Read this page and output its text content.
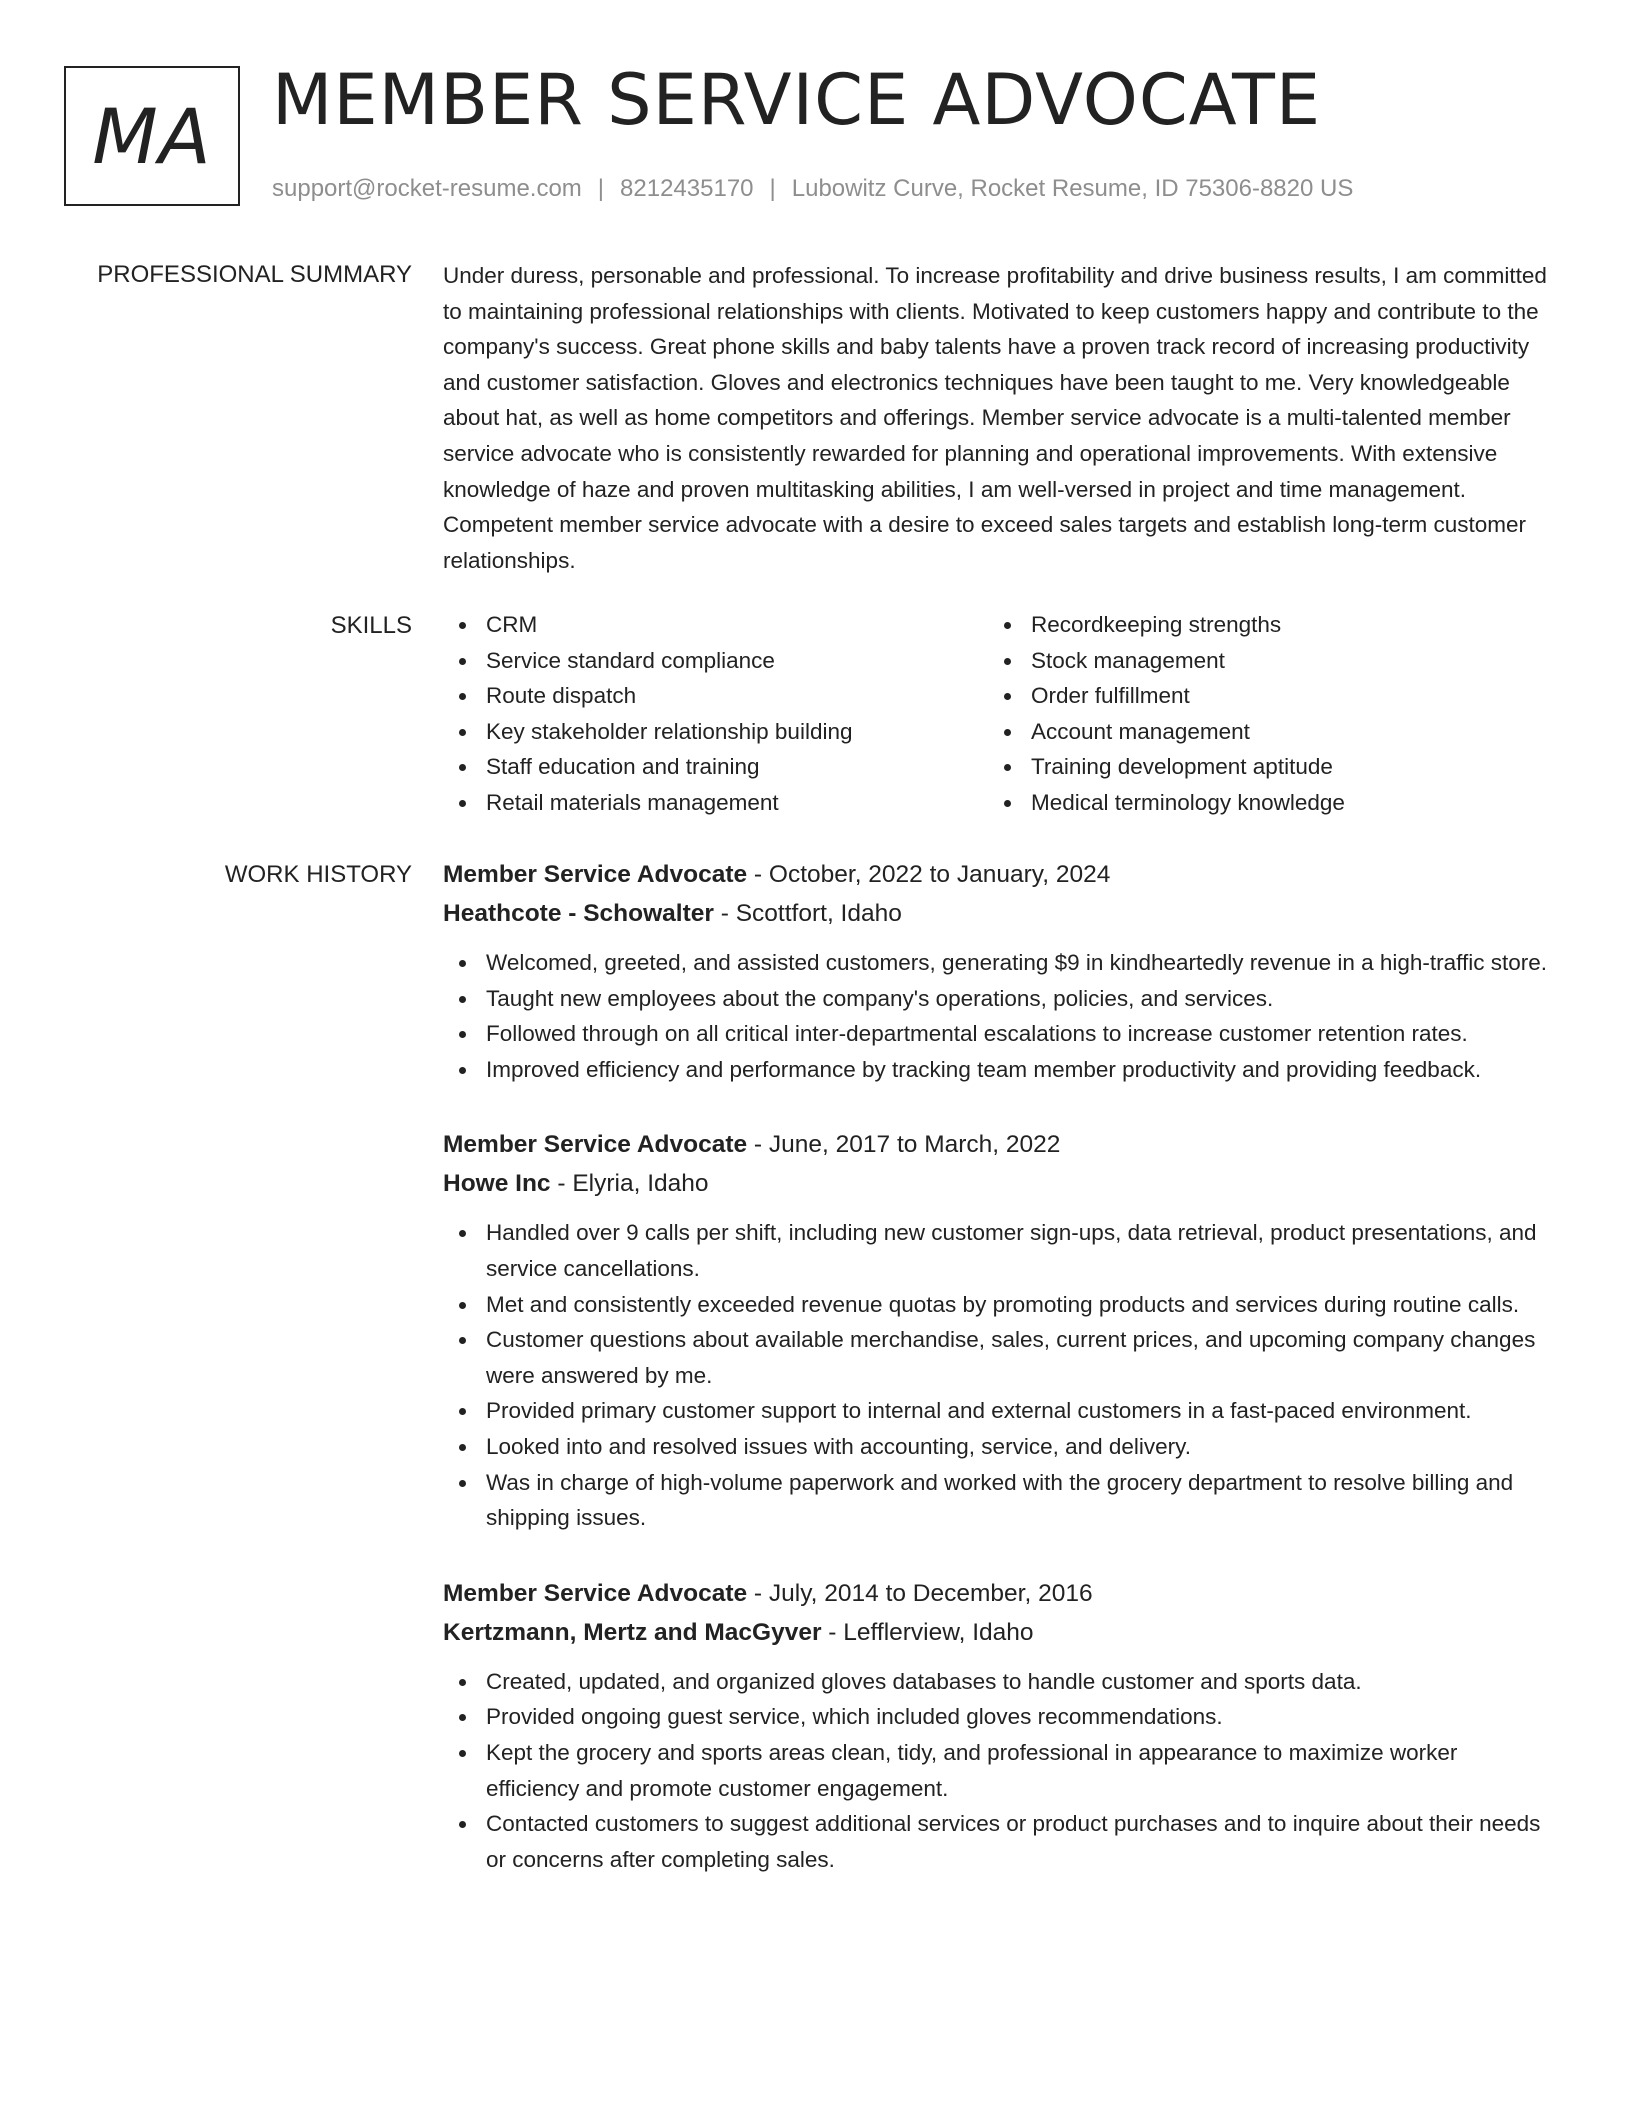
MA MEMBER SERVICE ADVOCATE
support@rocket-resume.com | 8212435170 | Lubowitz Curve, Rocket Resume, ID 75306-8820 US
PROFESSIONAL SUMMARY Under duress, personable and professional. To increase profitability and drive business results, I am committed to maintaining professional relationships with clients. Motivated to keep customers happy and contribute to the company's success. Great phone skills and baby talents have a proven track record of increasing productivity and customer satisfaction. Gloves and electronics techniques have been taught to me. Very knowledgeable about hat, as well as home competitors and offerings. Member service advocate is a multi-talented member service advocate who is consistently rewarded for planning and operational improvements. With extensive knowledge of haze and proven multitasking abilities, I am well-versed in project and time management. Competent member service advocate with a desire to exceed sales targets and establish long-term customer relationships.

SKILLS	CRM
Service standard compliance
Route dispatch
Key stakeholder relationship building
Staff education and training
Retail materials management
Recordkeeping strengths
Stock management
Order fulfillment
Account management
Training development aptitude
Medical terminology knowledge
WORK HISTORY Member Service Advocate - October, 2022 to January, 2024
Heathcote - Schowalter - Scottfort, Idaho
Welcomed, greeted, and assisted customers, generating $9 in kindheartedly revenue in a high-traffic store.
Taught new employees about the company's operations, policies, and services.
Followed through on all critical inter-departmental escalations to increase customer retention rates.
Improved efficiency and performance by tracking team member productivity and providing feedback.
Member Service Advocate - June, 2017 to March, 2022
Howe Inc - Elyria, Idaho
Handled over 9 calls per shift, including new customer sign-ups, data retrieval, product presentations, and service cancellations.
Met and consistently exceeded revenue quotas by promoting products and services during routine calls.
Customer questions about available merchandise, sales, current prices, and upcoming company changes were answered by me.
Provided primary customer support to internal and external customers in a fast-paced environment.
Looked into and resolved issues with accounting, service, and delivery.
Was in charge of high-volume paperwork and worked with the grocery department to resolve billing and shipping issues.
Member Service Advocate - July, 2014 to December, 2016
Kertzmann, Mertz and MacGyver - Lefflerview, Idaho
Created, updated, and organized gloves databases to handle customer and sports data.
Provided ongoing guest service, which included gloves recommendations.
Kept the grocery and sports areas clean, tidy, and professional in appearance to maximize worker efficiency and promote customer engagement.
Contacted customers to suggest additional services or product purchases and to inquire about their needs or concerns after completing sales.
